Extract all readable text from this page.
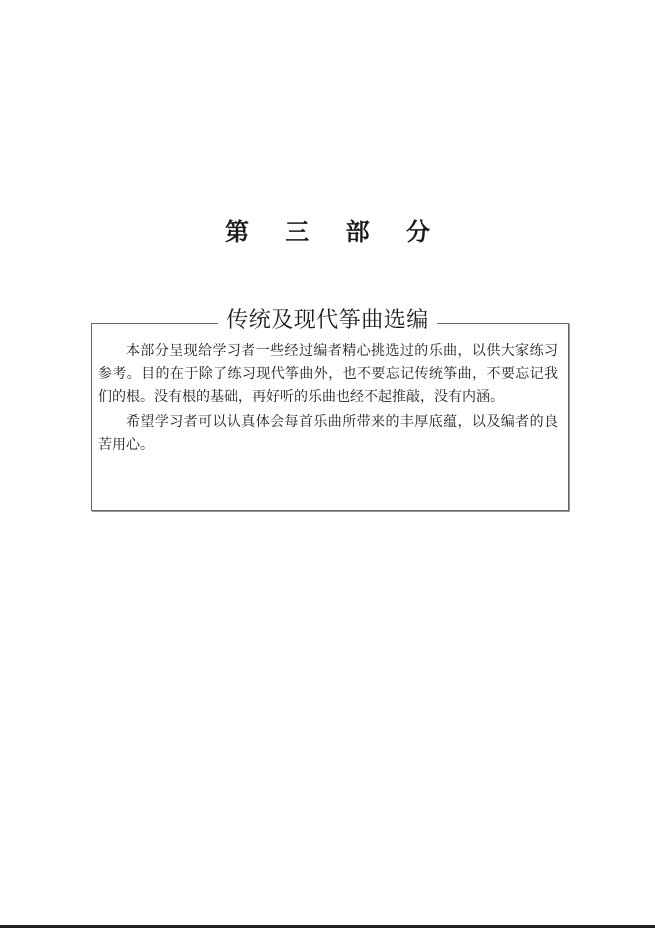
第 三 部 分
传统及现代筝曲选编

本部分呈现给学习者一些经过编者精心挑选过的乐曲，以供大家练习参考。目的在于除了练习现代筝曲外，也不要忘记传统筝曲，不要忘记我们的根。没有根的基础，再好听的乐曲也经不起推敲，没有内涵。

希望学习者可以认真体会每首乐曲所带来的丰厚底蕴，以及编者的良苦用心。
